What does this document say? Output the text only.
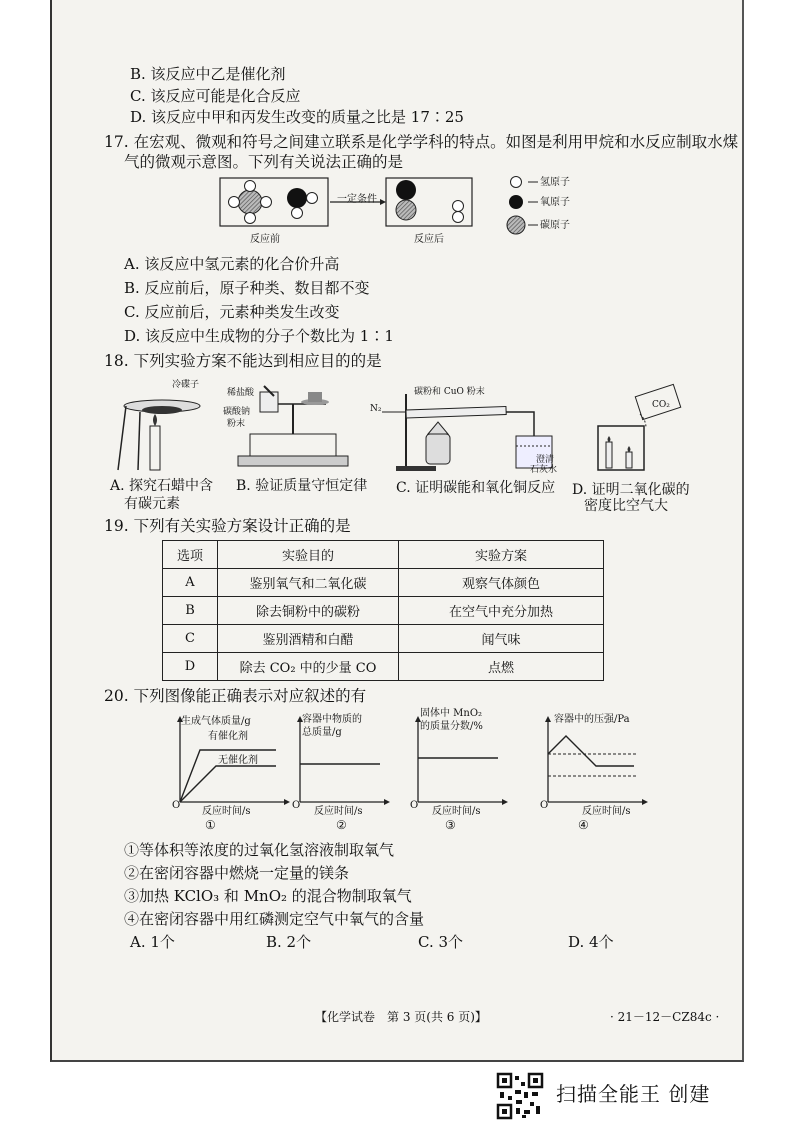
B. 该反应中乙是催化剂
C. 该反应可能是化合反应
D. 该反应中甲和丙发生改变的质量之比是 17∶25
17. 在宏观、微观和符号之间建立联系是化学学科的特点。如图是利用甲烷和水反应制取水煤
气的微观示意图。下列有关说法正确的是
一定条件
反应前	反应后
氢原子
氧原子
碳原子
A. 该反应中氢元素的化合价升高
B. 反应前后，原子种类、数目都不变
C. 反应前后，元素种类发生改变
D. 该反应中生成物的分子个数比为 1∶1
18. 下列实验方案不能达到相应目的的是
冷碟子
稀盐酸
碳酸钠
粉末
碳粉和 CuO 粉末
N₂
澄清
石灰水
CO₂
A. 探究石蜡中含
有碳元素
B. 验证质量守恒定律 C. 证明碳能和氧化铜反应 D. 证明二氧化碳的
密度比空气大
19. 下列有关实验方案设计正确的是
选项	实验目的	实验方案
A	鉴别氧气和二氧化碳	观察气体颜色
B	除去铜粉中的碳粉	在空气中充分加热
C	鉴别酒精和白醋	闻气味
D	除去 CO₂ 中的少量 CO	点燃
20. 下列图像能正确表示对应叙述的有
生成气体质量/g
有催化剂
无催化剂
O
反应时间/s
①
容器中物质的
总质量/g
O
反应时间/s
②
固体中 MnO₂
的质量分数/%
O
反应时间/s
③
容器中的压强/Pa
O
反应时间/s
④
①等体积等浓度的过氧化氢溶液制取氧气
②在密闭容器中燃烧一定量的镁条
③加热 KClO₃ 和 MnO₂ 的混合物制取氧气
④在密闭容器中用红磷测定空气中氧气的含量
A. 1个	B. 2个	C. 3个	D. 4个
【化学试卷　第 3 页(共 6 页)】	· 21－12－CZ84c ·
扫描全能王 创建
